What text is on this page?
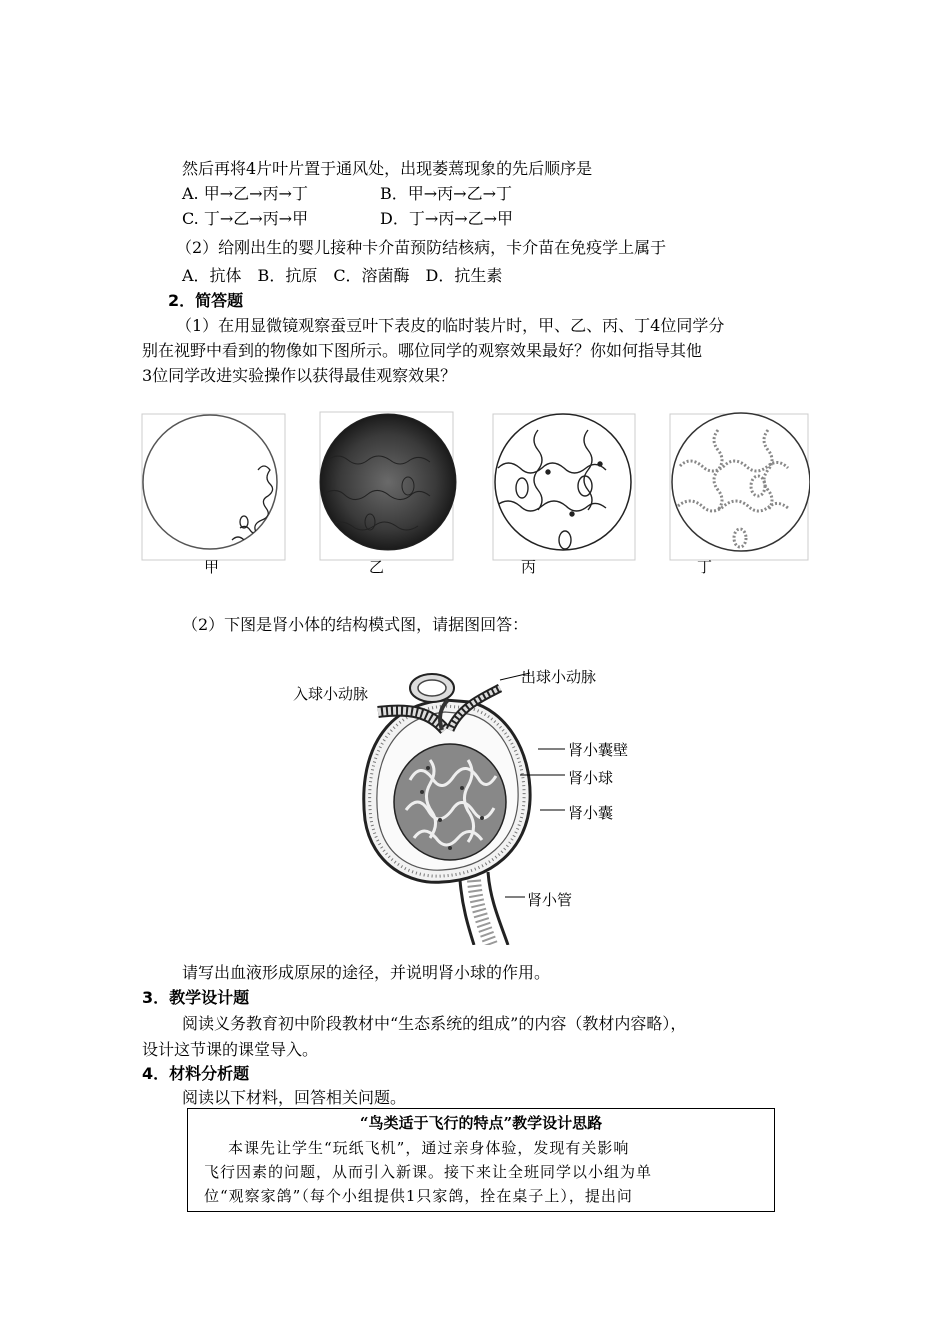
然后再将4片叶片置于通风处，出现萎蔫现象的先后顺序是
A. 甲→乙→丙→丁	B．甲→丙→乙→丁
C. 丁→乙→丙→甲	D．丁→丙→乙→甲
（2）给刚出生的婴儿接种卡介苗预防结核病，卡介苗在免疫学上属于
A．抗体　B．抗原　C．溶菌酶　D．抗生素
2．简答题
（1）在用显微镜观察蚕豆叶下表皮的临时装片时，甲、乙、丙、丁4位同学分
别在视野中看到的物像如下图所示。哪位同学的观察效果最好？你如何指导其他
3位同学改进实验操作以获得最佳观察效果？
甲	乙	丙	丁
（2）下图是肾小体的结构模式图，请据图回答：
入球小动脉
出球小动脉
肾小囊壁
肾小球
肾小囊
肾小管
请写出血液形成原尿的途径，并说明肾小球的作用。
3．教学设计题
阅读义务教育初中阶段教材中“生态系统的组成”的内容（教材内容略），
设计这节课的课堂导入。
4．材料分析题
阅读以下材料，回答相关问题。
“鸟类适于飞行的特点”教学设计思路
本课先让学生“玩纸飞机”，通过亲身体验，发现有关影响
飞行因素的问题，从而引入新课。接下来让全班同学以小组为单
位“观察家鸽”（每个小组提供1只家鸽，拴在桌子上），提出问
